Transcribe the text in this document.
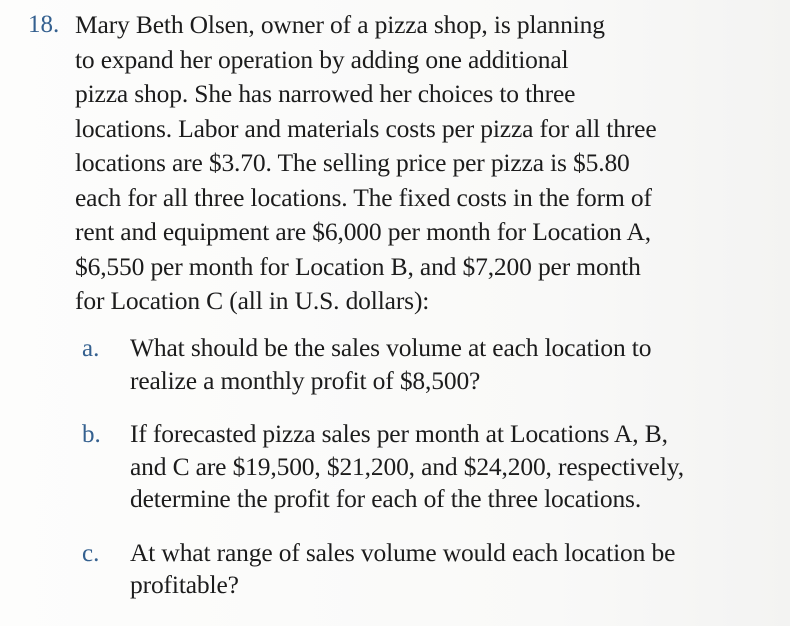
18. Mary Beth Olsen, owner of a pizza shop, is planning
to expand her operation by adding one additional
pizza shop. She has narrowed her choices to three
locations. Labor and materials costs per pizza for all three
locations are $3.70. The selling price per pizza is $5.80
each for all three locations. The fixed costs in the form of
rent and equipment are $6,000 per month for Location A,
$6,550 per month for Location B, and $7,200 per month
for Location C (all in U.S. dollars):
a.	What should be the sales volume at each location to
realize a monthly profit of $8,500?
b.	If forecasted pizza sales per month at Locations A, B,
and C are $19,500, $21,200, and $24,200, respectively,
determine the profit for each of the three locations.
c.	At what range of sales volume would each location be
profitable?
